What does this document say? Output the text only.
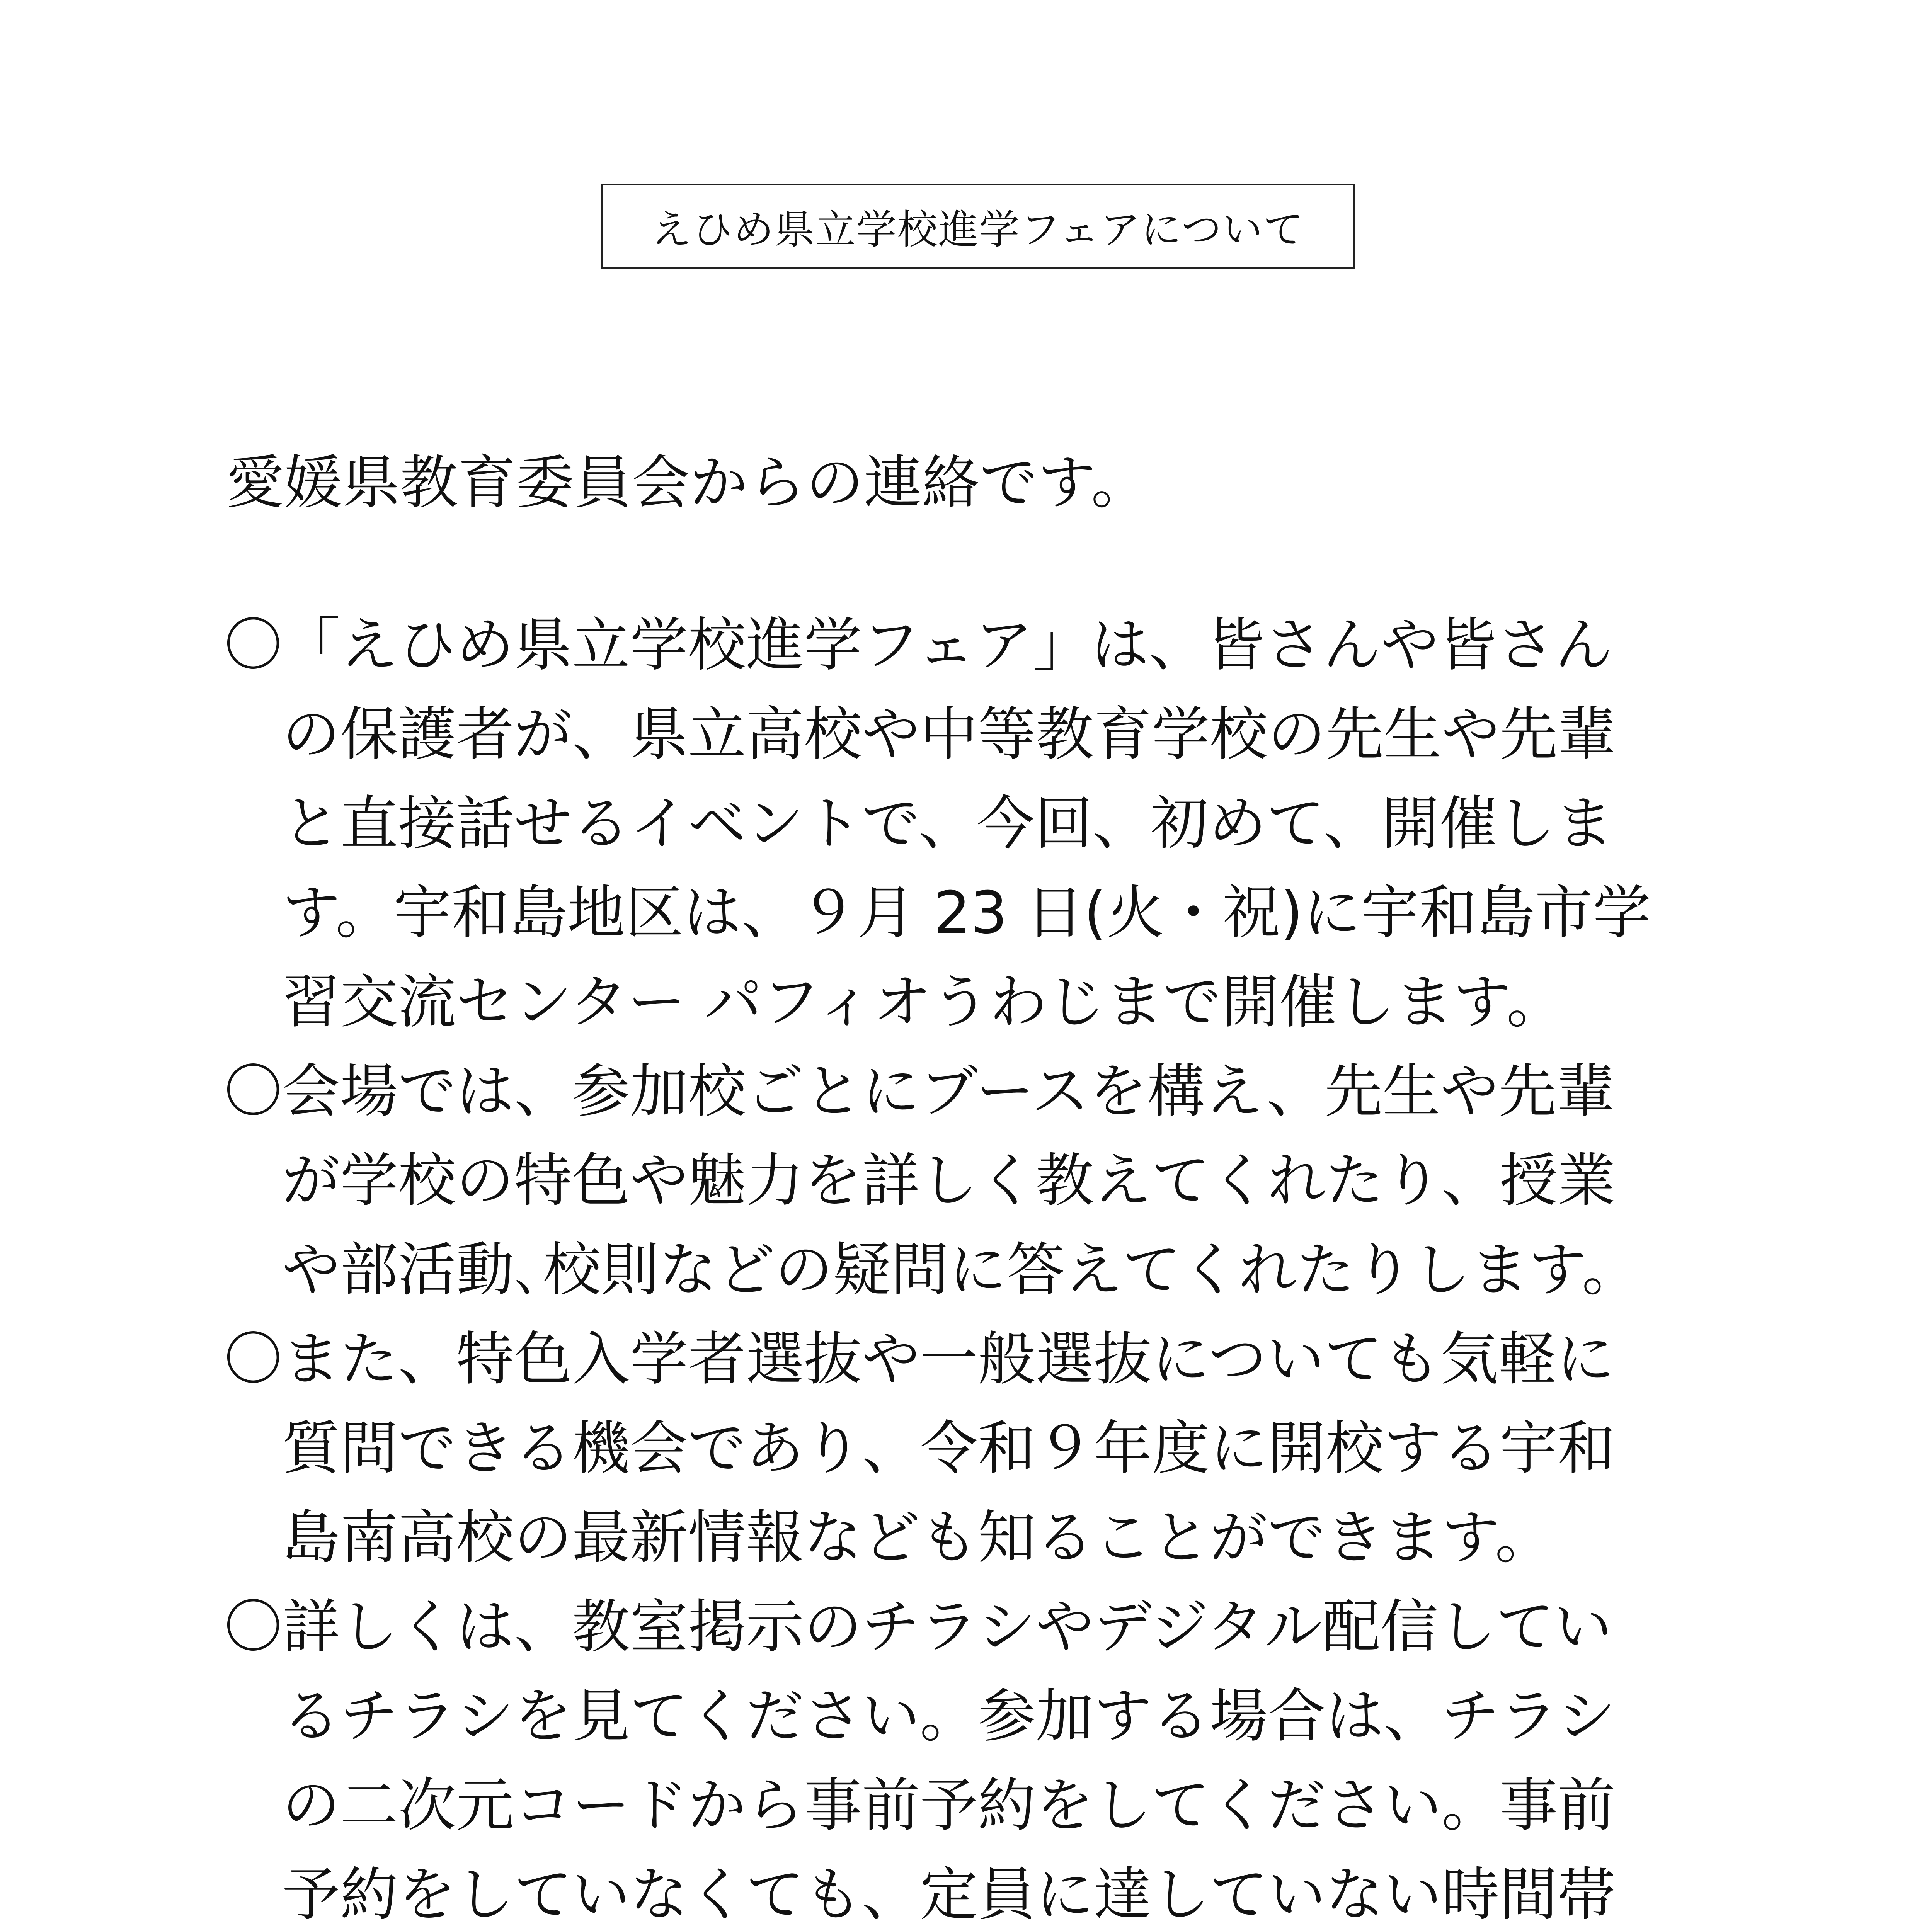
えひめ県立学校進学フェアについて
愛媛県教育委員会からの連絡です。
〇 「えひめ県立学校進学フェア」は、皆さんや皆さん
の保護者が、県立高校や中等教育学校の先生や先輩
と直接話せるイベントで、今回、初めて、開催しま
す。宇和島地区は、９月 23 日(火・祝)に宇和島市学
習交流センター パフィオうわじまで開催します。
〇 会場では、参加校ごとにブースを構え、先生や先輩
が学校の特色や魅力を詳しく教えてくれたり、授業
や部活動､校則などの疑問に答えてくれたりします。
〇 また、特色入学者選抜や一般選抜についても気軽に
質問できる機会であり、令和９年度に開校する宇和
島南高校の最新情報なども知ることができます。
〇 詳しくは、教室掲示のチラシやデジタル配信してい
るチラシを見てください。参加する場合は、チラシ
の二次元コードから事前予約をしてください。事前
予約をしていなくても、定員に達していない時間帯
